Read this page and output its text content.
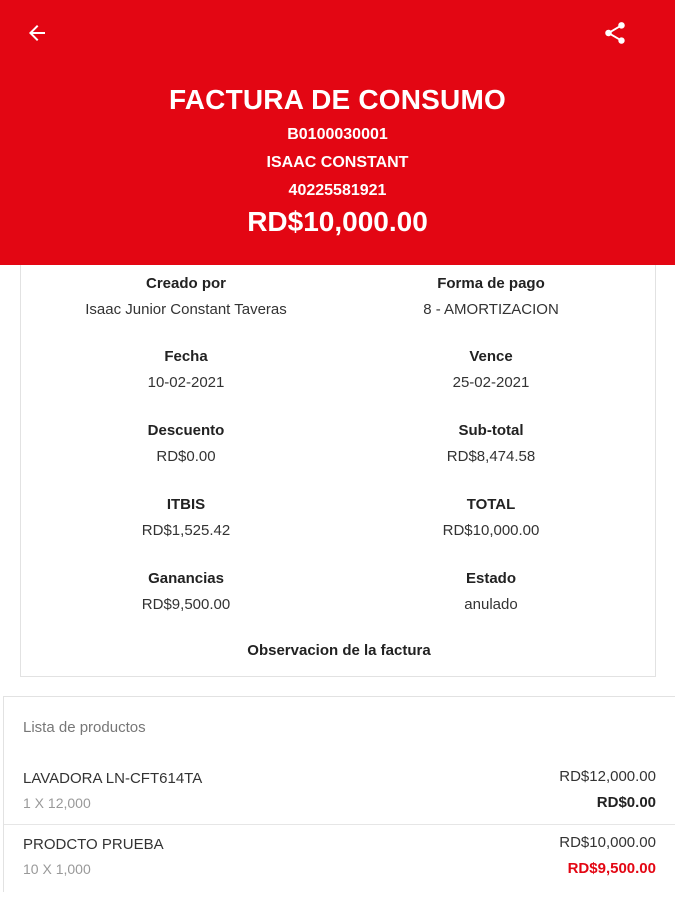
FACTURA DE CONSUMO
B0100030001
ISAAC CONSTANT
40225581921
RD$10,000.00
Creado por
Isaac Junior Constant Taveras
Forma de pago
8 - AMORTIZACION
Fecha
10-02-2021
Vence
25-02-2021
Descuento
RD$0.00
Sub-total
RD$8,474.58
ITBIS
RD$1,525.42
TOTAL
RD$10,000.00
Ganancias
RD$9,500.00
Estado
anulado
Observacion de la factura
Lista de productos
LAVADORA LN-CFT614TA
1 X 12,000
RD$12,000.00
RD$0.00
PRODCTO PRUEBA
10 X 1,000
RD$10,000.00
RD$9,500.00
